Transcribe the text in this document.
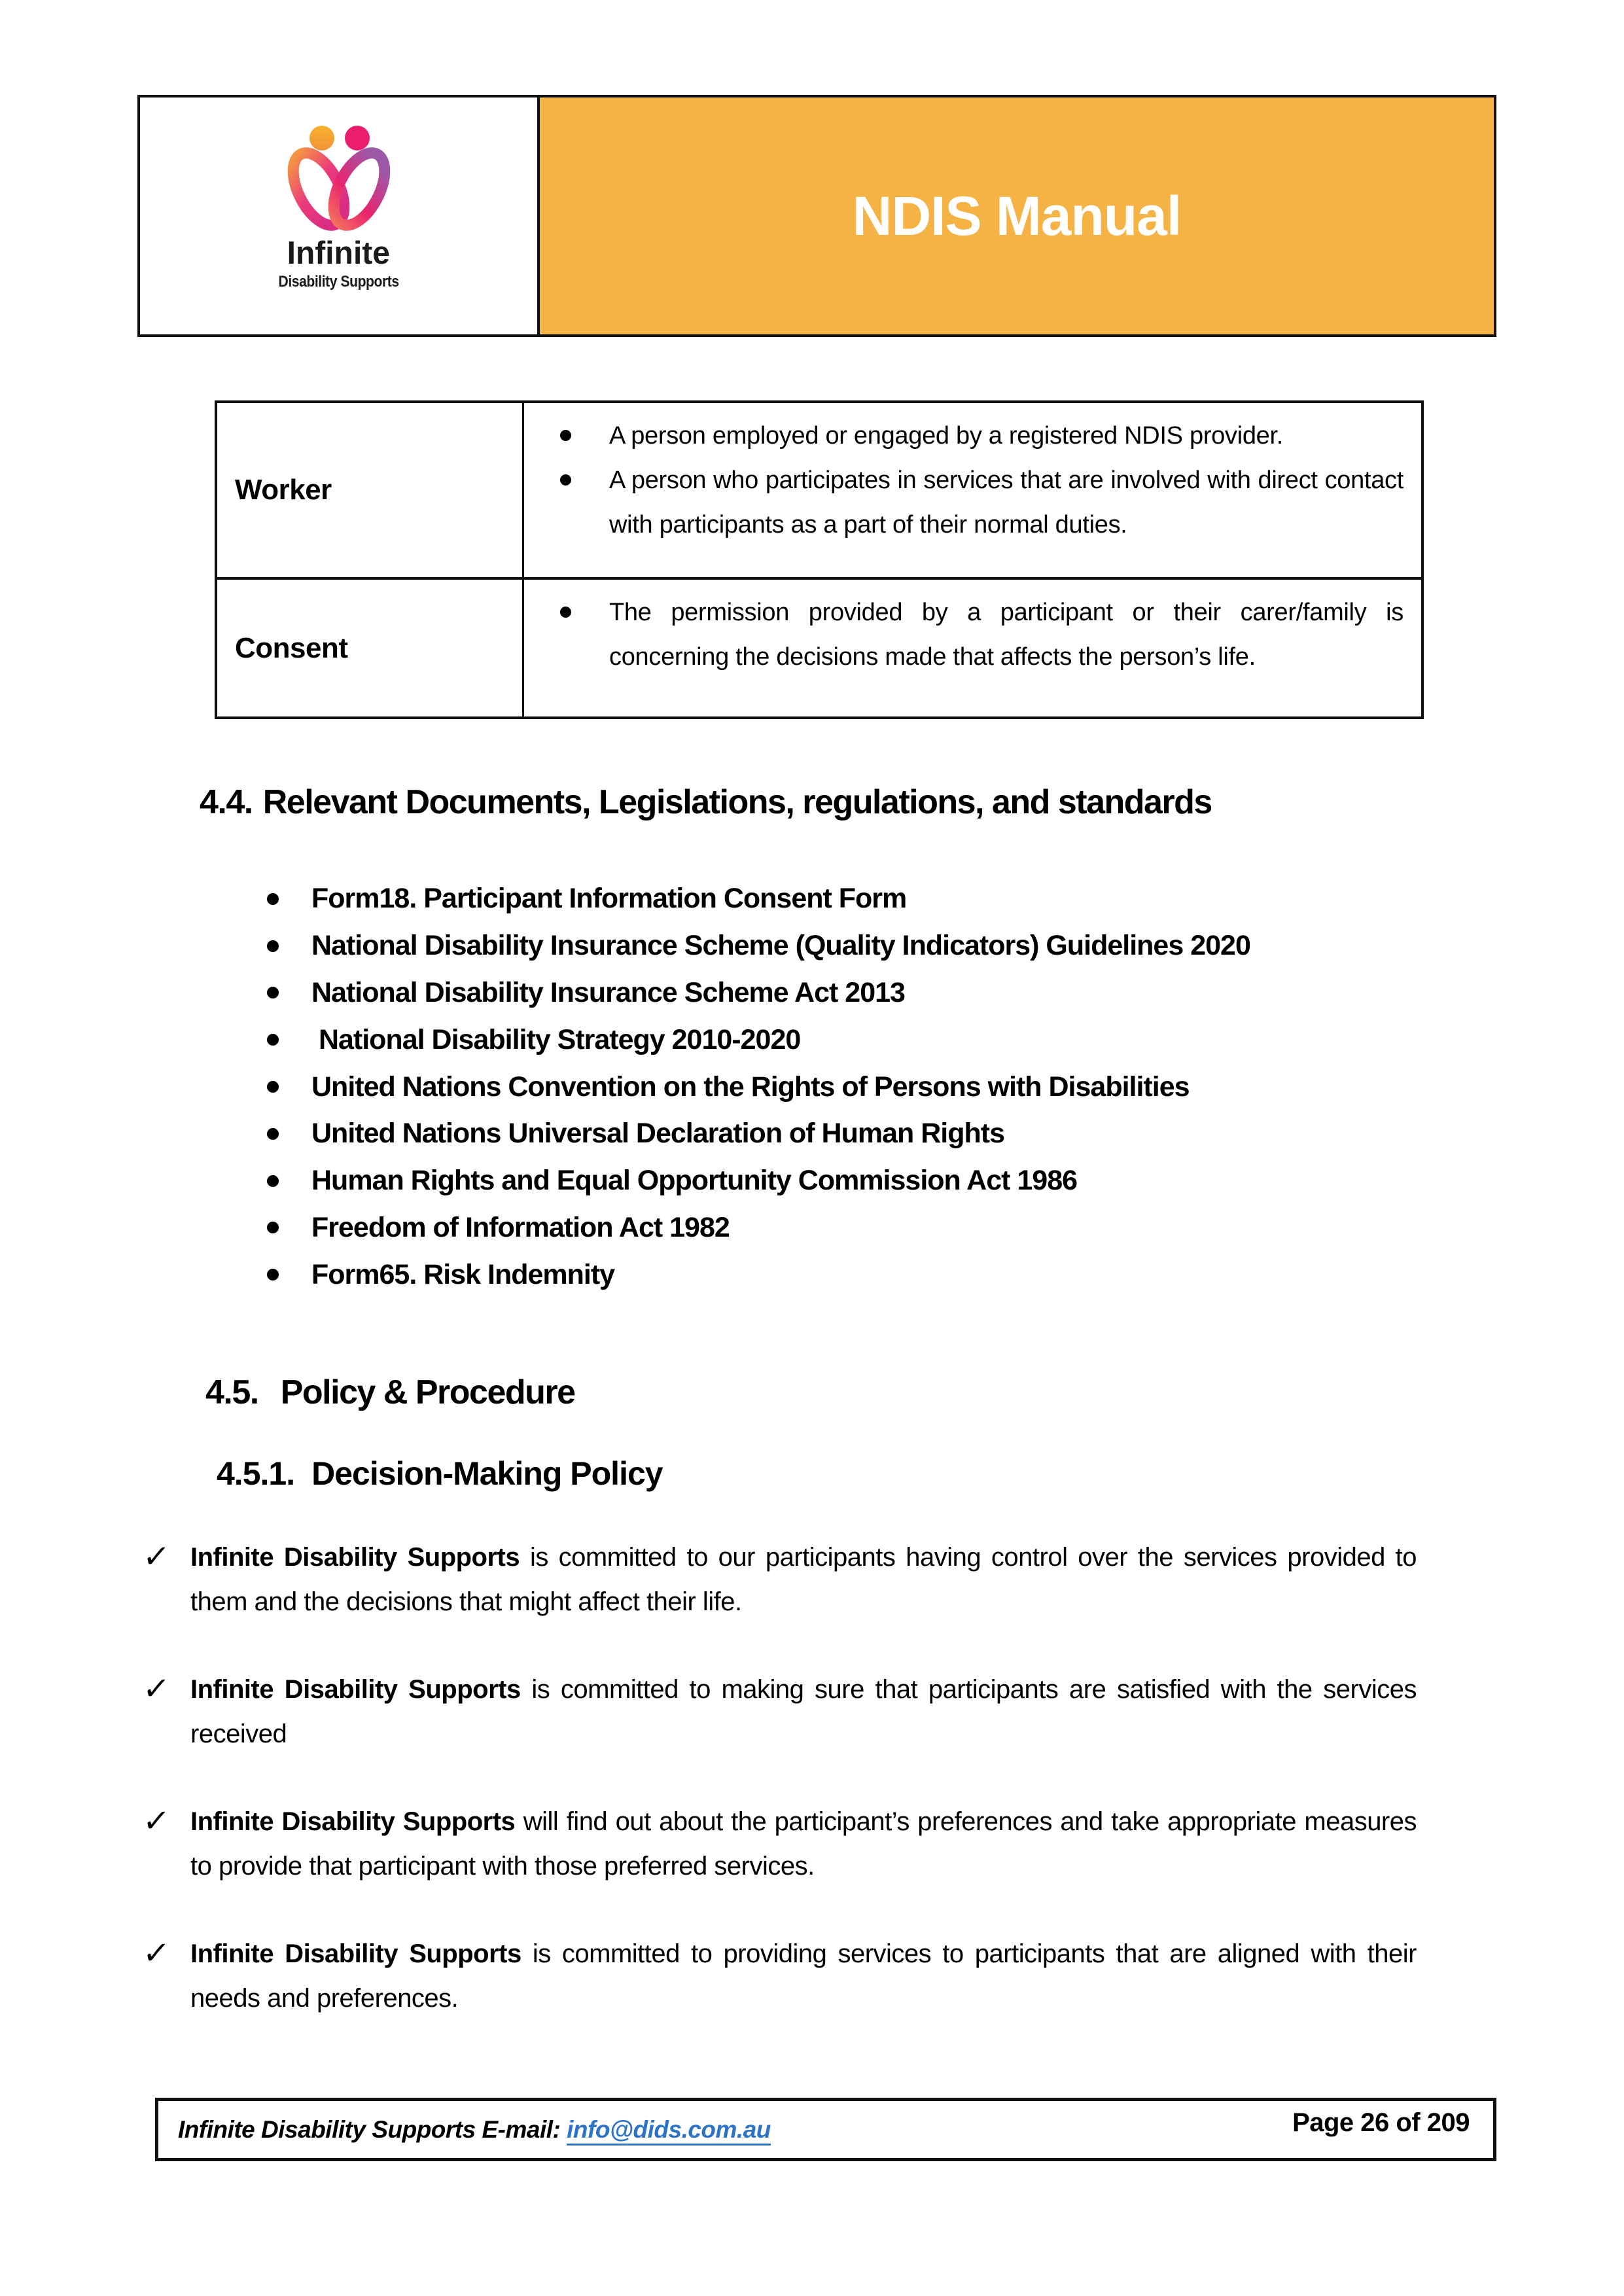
Infinite
Disability Supports
NDIS Manual
Worker
A person employed or engaged by a registered NDIS provider.
A person who participates in services that are involved with direct contact with participants as a part of their normal duties.
Consent
The permission provided by a participant or their carer/family is concerning the decisions made that affects the person’s life.
4.4. Relevant Documents, Legislations, regulations, and standards
Form18. Participant Information Consent Form
National Disability Insurance Scheme (Quality Indicators) Guidelines 2020
National Disability Insurance Scheme Act 2013
National Disability Strategy 2010-2020
United Nations Convention on the Rights of Persons with Disabilities
United Nations Universal Declaration of Human Rights
Human Rights and Equal Opportunity Commission Act 1986
Freedom of Information Act 1982
Form65. Risk Indemnity
4.5. Policy & Procedure
4.5.1. Decision-Making Policy
✓ Infinite Disability Supports is committed to our participants having control over the services provided to them and the decisions that might affect their life.

✓ Infinite Disability Supports is committed to making sure that participants are satisfied with the services received

✓ Infinite Disability Supports will find out about the participant’s preferences and take appropriate measures to provide that participant with those preferred services.

✓ Infinite Disability Supports is committed to providing services to participants that are aligned with their needs and preferences.

Infinite Disability Supports E-mail: info@dids.com.au	Page 26 of 209
